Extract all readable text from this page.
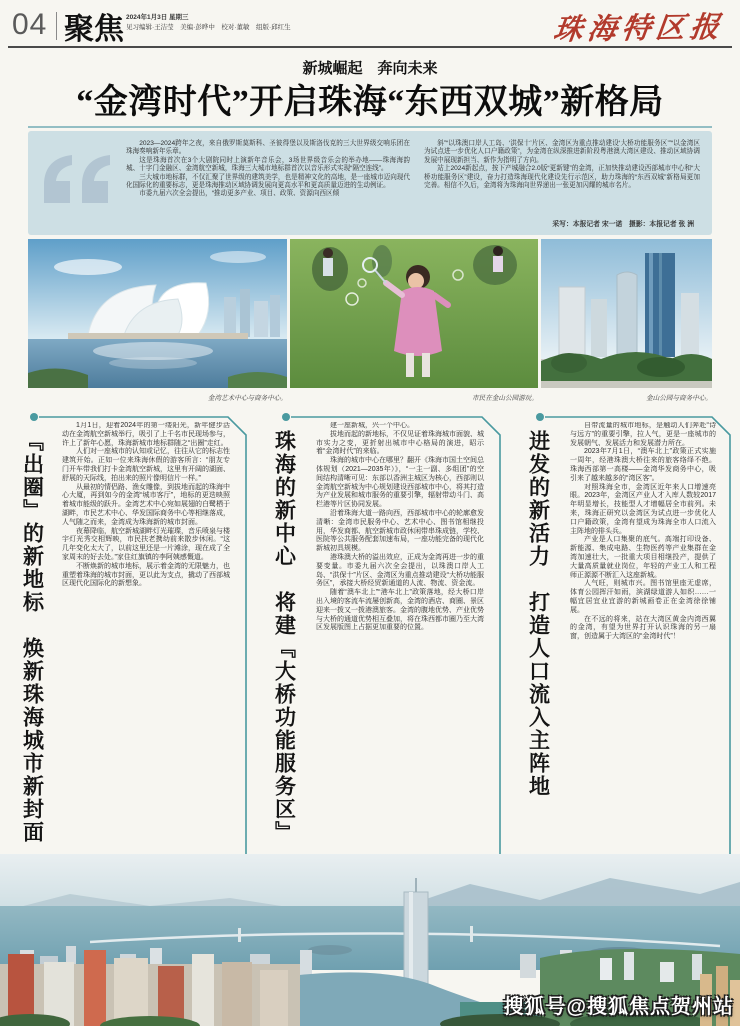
04 聚焦 2024年1月3日 星期三
见习编辑·王洁莹　美编·彭晔中　校对·董敏　组版·邱红生	珠海特区报
新城崛起　奔向未来
“金湾时代”开启珠海“东西双城”新格局

2023—2024跨年之夜，来自俄罗斯莫斯科、圣彼得堡以及斯洛伐克的三大世界级交响乐团在珠海奏响新年乐章。

这是珠海首次在3个大剧院同时上演新年音乐会，3场世界级音乐会的举办地——珠海海韵城、十字门金融区、金湾航空新城，珠海三大城市地标群首次以音乐形式实现“隔空连线”。

三大城市地标群，不仅汇聚了世界级的建筑美学，也是精神文化的高地，是一座城市迈向现代化国际化的重要标志，更是珠海推动区域协调发展向更高水平和更高质量迈进的生动例证。

市委九届六次全会提出，“推动更多产业、项目、政策、资源向西区倾

斜”“以珠澳口岸人工岛、‘洪保十’片区、金湾区为重点推动建设‘大桥功能服务区’”“以金湾区为试点进一步优化人口户籍政策”，为金湾在纵深推进新阶段粤港澳大湾区建设、推动区域协调发展中展现新担当、新作为指明了方向。

站上2024新起点，按下产城融合2.0版“更新键”的金湾，正加快推动建设西部城市中心和“大桥功能服务区”建设，奋力打造珠海现代化建设先行示范区，助力珠海的“东西双城”新格局更加完善。相信不久后，金湾将为珠海向世界递出一张更加闪耀的城市名片。

采写：本报记者 宋一诺　摄影：本报记者 张 洲
金湾艺术中心与商务中心。	市民在金山公园游玩。	金山公园与商务中心。
『出圈』的新地标　焕新珠海城市新封面

1月1日，迎着2024年的第一缕阳光，新年健步活动在金湾航空新城举行，吸引了上千名市民现场参与，许上了新年心愿，珠海新城市地标群随之“出圈”走红。

人们对一座城市的认知或记忆，往往从它的标志性建筑开始。正如一位来珠海休假的游客所言：“朋友专门开车带我们打卡金湾航空新城，这里有开阔的湖面、舒展的天际线，拍出来的照片像明信片一样。”

从最初的情侣路、渔女雕像，到拔地而起的珠海中心大厦，再到如今的金湾“城市客厅”，地标的更迭映照着城市能级的跃升。金湾艺术中心宛如展翅的白鹭栖于湖畔，市民艺术中心、华发国际商务中心等相继落成，人气随之而来，金湾成为珠海新的城市封面。

夜幕降临，航空新城湖畔灯光璀璨，音乐喷泉与楼宇灯光秀交相辉映，市民扶老携幼前来散步休闲。“这几年变化太大了，以前这里还是一片滩涂，现在成了全家周末的好去处。”家住红旗镇的李阿姨感慨道。

不断焕新的城市地标，展示着金湾的无限魅力，也重塑着珠海的城市封面，更以此为支点，撬动了西部城区现代化国际化的新想象。	珠海的新中心　将建『大桥功能服务区』

建一座新城，兴一个中心。

拔地而起的新地标，不仅见证着珠海城市面貌、城市实力之变，更折射出城市中心格局的演进，昭示着“金湾时代”的来临。

珠海的城市中心在哪里？翻开《珠海市国土空间总体规划（2021—2035年）》，“一主一副、多组团”的空间结构清晰可见：东部以香洲主城区为核心，西部则以金湾航空新城为中心规划建设西部城市中心，将其打造为产业发展和城市服务的重要引擎，辐射带动斗门、高栏港等片区协同发展。

沿着珠海大道一路向西，西部城市中心的轮廓愈发清晰：金湾市民服务中心、艺术中心、图书馆相继投用，华发商都、航空新城市政休闲带串珠成链，学校、医院等公共服务配套加速布局，一座功能完备的现代化新城初具规模。

港珠澳大桥的溢出效应，正成为金湾再进一步的重要变量。市委九届六次全会提出，以珠澳口岸人工岛、“洪保十”片区、金湾区为重点推动建设“大桥功能服务区”，承接大桥经贸新通道的人流、物流、资金流。

随着“澳车北上”“港车北上”政策落地，经大桥口岸出入境的客流车流屡创新高，金湾的酒店、商圈、景区迎来一拨又一拨港澳旅客。金湾的腹地优势、产业优势与大桥的通道优势相互叠加，将在珠西都市圈乃至大湾区发展版图上占据更加重要的位置。	进发的新活力　打造人口流入主阵地

自带流量的城市地标，是触动人们奔赴“诗与远方”的重要引擎，拉人气，更是一座城市的发展朝气、发展活力和发展潜力所在。

2023年7月1日，“澳车北上”政策正式实施一周年，经港珠澳大桥往来的旅客络绎不绝。珠海西部第一高楼——金湾华发商务中心，吸引来了越来越多的“湾区客”。

对照珠海全市，金湾区近年来人口增速亮眼。2023年，金湾区产业人才入库人数较2017年明显增长，技能型人才增幅居全市前列。未来，珠海正研究以金湾区为试点进一步优化人口户籍政策，金湾有望成为珠海全市人口流入主阵地的排头兵。

产业是人口集聚的底气。高端打印设备、新能源、集成电路、生物医药等产业集群在金湾加速壮大，一批重大项目相继投产，提供了大量高质量就业岗位，年轻的产业工人和工程师正源源不断汇入这座新城。

人气旺，则城市兴。图书馆里座无虚席，体育公园挥汗如雨，滨湖绿道游人如织……一幅宜居宜业宜游的新城画卷正在金湾徐徐铺展。

在不远的将来，站在大湾区黄金内湾西翼的金湾，有望为世界打开认识珠海的另一扇窗，创造属于大湾区的“金湾时代”！

搜狐号@搜狐焦点贺州站
